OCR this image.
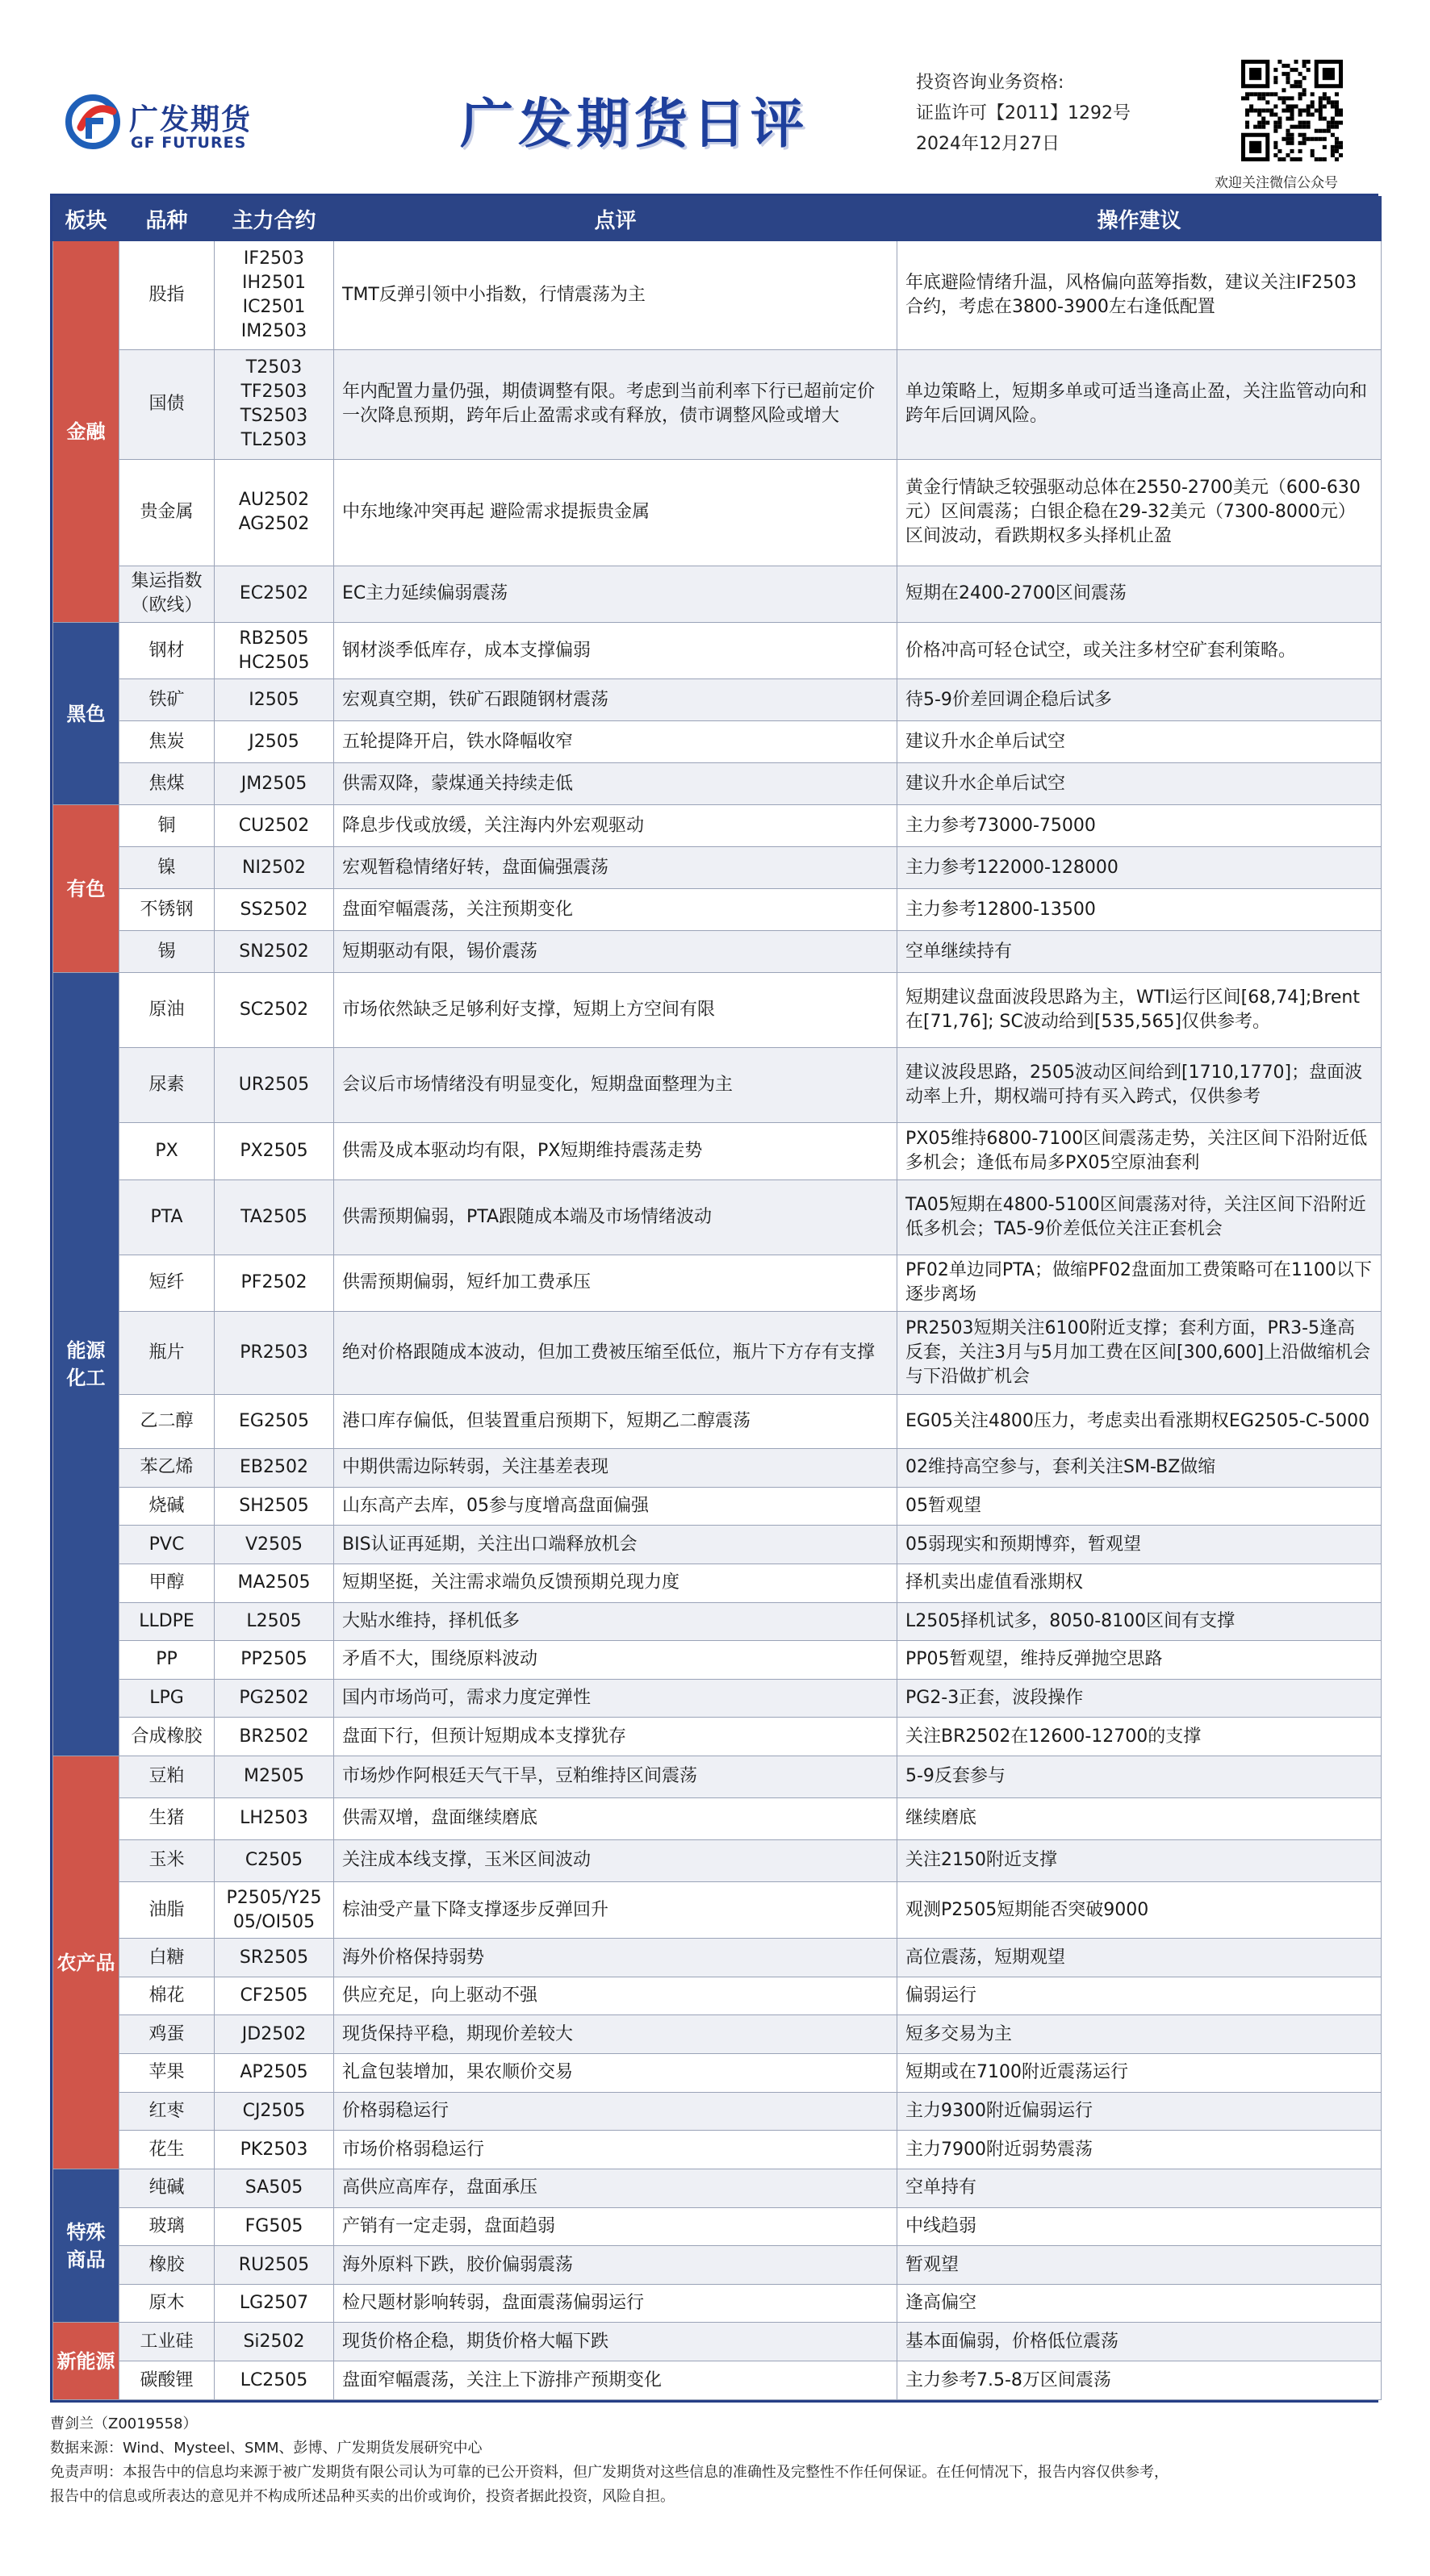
广发期货
GF FUTURES	广发期货日评
投资咨询业务资格:
证监许可【2011】1292号
2024年12月27日
欢迎关注微信公众号
板块	品种	主力合约	点评	操作建议
金融	股指	IF2503
IH2501
IC2501
IM2503	TMT反弹引领中小指数，行情震荡为主	年底避险情绪升温，风格偏向蓝筹指数，建议关注IF2503合约，考虑在3800-3900左右逢低配置
	国债	T2503
TF2503
TS2503
TL2503	年内配置力量仍强，期债调整有限。考虑到当前利率下行已超前定价一次降息预期，跨年后止盈需求或有释放，债市调整风险或增大	单边策略上，短期多单或可适当逢高止盈，关注监管动向和跨年后回调风险。
	贵金属	AU2502
AG2502	中东地缘冲突再起 避险需求提振贵金属	黄金行情缺乏较强驱动总体在2550-2700美元（600-630元）区间震荡；白银企稳在29-32美元（7300-8000元）区间波动，看跌期权多头择机止盈
	集运指数
（欧线）	EC2502	EC主力延续偏弱震荡	短期在2400-2700区间震荡
黑色	钢材	RB2505
HC2505	钢材淡季低库存，成本支撑偏弱	价格冲高可轻仓试空，或关注多材空矿套利策略。
	铁矿	I2505	宏观真空期，铁矿石跟随钢材震荡	待5-9价差回调企稳后试多
	焦炭	J2505	五轮提降开启，铁水降幅收窄	建议升水企单后试空
	焦煤	JM2505	供需双降，蒙煤通关持续走低	建议升水企单后试空
有色	铜	CU2502	降息步伐或放缓，关注海内外宏观驱动	主力参考73000-75000
	镍	NI2502	宏观暂稳情绪好转，盘面偏强震荡	主力参考122000-128000
	不锈钢	SS2502	盘面窄幅震荡，关注预期变化	主力参考12800-13500
	锡	SN2502	短期驱动有限，锡价震荡	空单继续持有
能源
化工	原油	SC2502	市场依然缺乏足够利好支撑，短期上方空间有限	短期建议盘面波段思路为主，WTI运行区间[68,74];Brent在[71,76]; SC波动给到[535,565]仅供参考。
	尿素	UR2505	会议后市场情绪没有明显变化，短期盘面整理为主	建议波段思路，2505波动区间给到[1710,1770]；盘面波动率上升，期权端可持有买入跨式，仅供参考
	PX	PX2505	供需及成本驱动均有限，PX短期维持震荡走势	PX05维持6800-7100区间震荡走势，关注区间下沿附近低多机会；逢低布局多PX05空原油套利
	PTA	TA2505	供需预期偏弱，PTA跟随成本端及市场情绪波动	TA05短期在4800-5100区间震荡对待，关注区间下沿附近低多机会；TA5-9价差低位关注正套机会
	短纤	PF2502	供需预期偏弱，短纤加工费承压	PF02单边同PTA；做缩PF02盘面加工费策略可在1100以下逐步离场
	瓶片	PR2503	绝对价格跟随成本波动，但加工费被压缩至低位，瓶片下方存有支撑	PR2503短期关注6100附近支撑；套利方面，PR3-5逢高反套，关注3月与5月加工费在区间[300,600]上沿做缩机会与下沿做扩机会
	乙二醇	EG2505	港口库存偏低，但装置重启预期下，短期乙二醇震荡	EG05关注4800压力，考虑卖出看涨期权EG2505-C-5000
	苯乙烯	EB2502	中期供需边际转弱，关注基差表现	02维持高空参与，套利关注SM-BZ做缩
	烧碱	SH2505	山东高产去库，05参与度增高盘面偏强	05暂观望
	PVC	V2505	BIS认证再延期，关注出口端释放机会	05弱现实和预期博弈，暂观望
	甲醇	MA2505	短期坚挺，关注需求端负反馈预期兑现力度	择机卖出虚值看涨期权
	LLDPE	L2505	大贴水维持，择机低多	L2505择机试多，8050-8100区间有支撑
	PP	PP2505	矛盾不大，围绕原料波动	PP05暂观望，维持反弹抛空思路
	LPG	PG2502	国内市场尚可，需求力度定弹性	PG2-3正套，波段操作
	合成橡胶	BR2502	盘面下行，但预计短期成本支撑犹存	关注BR2502在12600-12700的支撑
农产品	豆粕	M2505	市场炒作阿根廷天气干旱，豆粕维持区间震荡	5-9反套参与
	生猪	LH2503	供需双增，盘面继续磨底	继续磨底
	玉米	C2505	关注成本线支撑，玉米区间波动	关注2150附近支撑
	油脂	P2505/Y25
05/OI505	棕油受产量下降支撑逐步反弹回升	观测P2505短期能否突破9000
	白糖	SR2505	海外价格保持弱势	高位震荡，短期观望
	棉花	CF2505	供应充足，向上驱动不强	偏弱运行
	鸡蛋	JD2502	现货保持平稳，期现价差较大	短多交易为主
	苹果	AP2505	礼盒包装增加，果农顺价交易	短期或在7100附近震荡运行
	红枣	CJ2505	价格弱稳运行	主力9300附近偏弱运行
	花生	PK2503	市场价格弱稳运行	主力7900附近弱势震荡
特殊
商品	纯碱	SA505	高供应高库存，盘面承压	空单持有
	玻璃	FG505	产销有一定走弱，盘面趋弱	中线趋弱
	橡胶	RU2505	海外原料下跌，胶价偏弱震荡	暂观望
	原木	LG2507	检尺题材影响转弱，盘面震荡偏弱运行	逢高偏空
新能源	工业硅	Si2502	现货价格企稳，期货价格大幅下跌	基本面偏弱，价格低位震荡
	碳酸锂	LC2505	盘面窄幅震荡，关注上下游排产预期变化	主力参考7.5-8万区间震荡
曹剑兰（Z0019558）
数据来源：Wind、Mysteel、SMM、彭博、广发期货发展研究中心
免责声明：本报告中的信息均来源于被广发期货有限公司认为可靠的已公开资料，但广发期货对这些信息的准确性及完整性不作任何保证。在任何情况下，报告内容仅供参考，
报告中的信息或所表达的意见并不构成所述品种买卖的出价或询价，投资者据此投资，风险自担。
